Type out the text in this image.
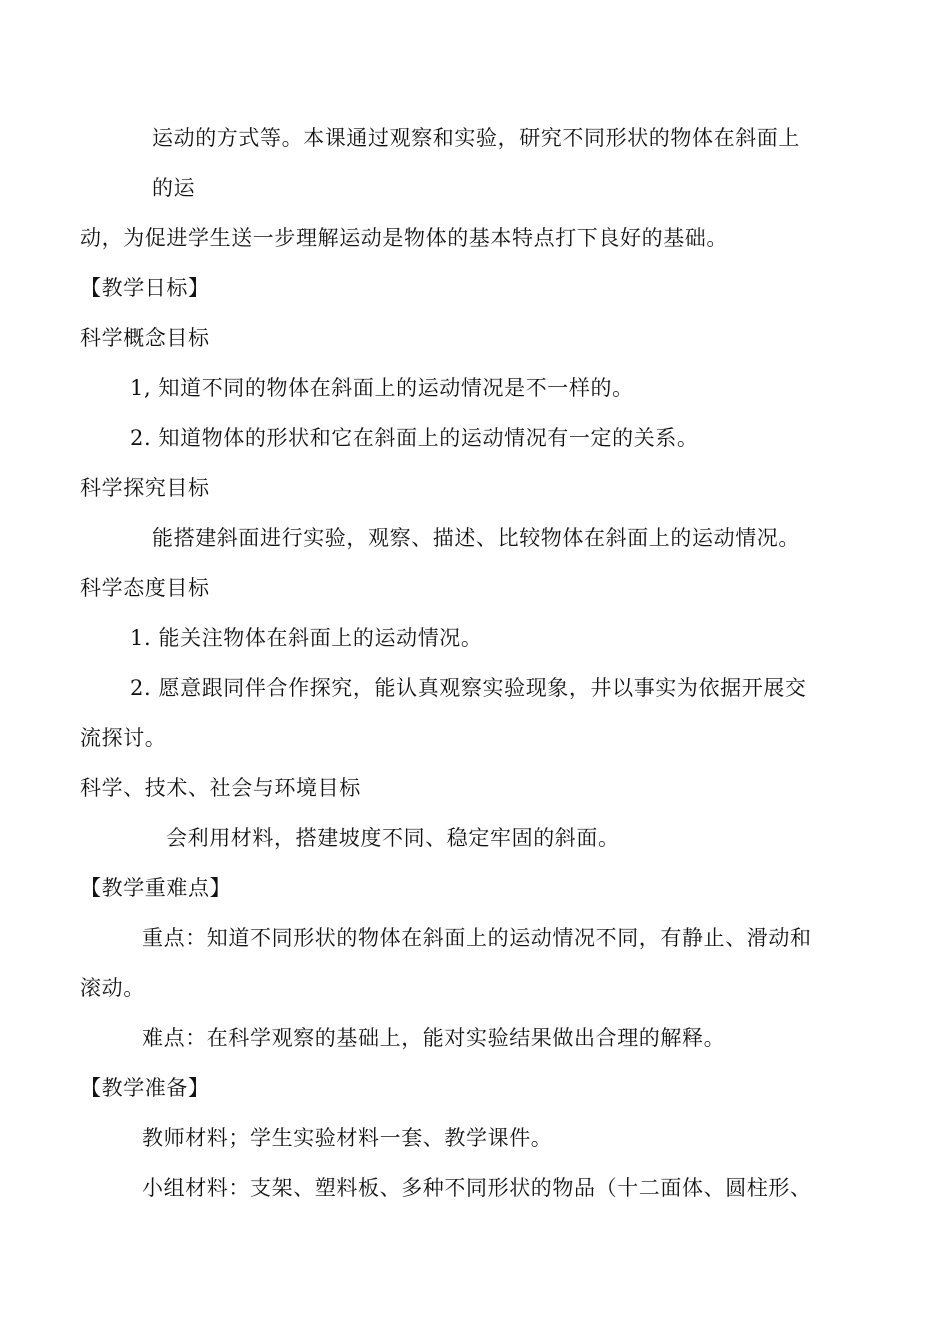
运动的方式等。本课通过观察和实验，研究不同形状的物体在斜面上
的运
动，为促进学生送一步理解运动是物体的基本特点打下良好的基础。
【教学日标】
科学概念目标
1, 知道不同的物体在斜面上的运动情况是不一样的。
2. 知道物体的形状和它在斜面上的运动情况有一定的关系。
科学探究目标
能搭建斜面进行实验，观察、描述、比较物体在斜面上的运动情况。
科学态度目标
1. 能关注物体在斜面上的运动情况。
2. 愿意跟同伴合作探究，能认真观察实验现象，井以事实为依据开展交
流探讨。
科学、技术、社会与环境目标
会利用材料，搭建坡度不同、稳定牢固的斜面。
【教学重难点】
重点：知道不同形状的物体在斜面上的运动情况不同，有静止、滑动和
滚动。
难点：在科学观察的基础上，能对实验结果做出合理的解释。
【教学准备】
教师材料；学生实验材料一套、教学课件。
小组材料：支架、塑料板、多种不同形状的物品（十二面体、圆柱形、
